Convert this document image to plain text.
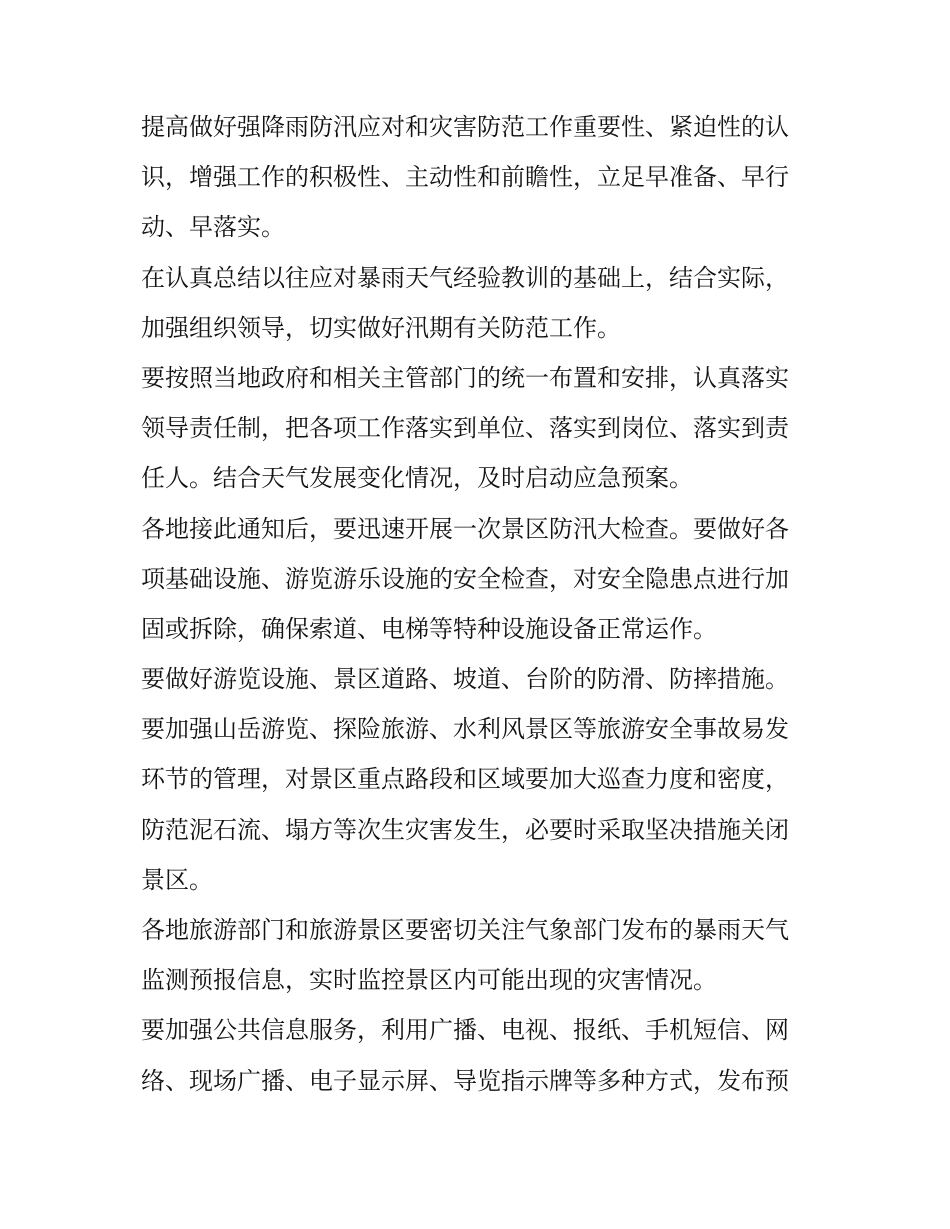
提高做好强降雨防汛应对和灾害防范工作重要性、紧迫性的认
识，增强工作的积极性、主动性和前瞻性，立足早准备、早行
动、早落实。
在认真总结以往应对暴雨天气经验教训的基础上，结合实际，
加强组织领导，切实做好汛期有关防范工作。
要按照当地政府和相关主管部门的统一布置和安排，认真落实
领导责任制，把各项工作落实到单位、落实到岗位、落实到责
任人。结合天气发展变化情况，及时启动应急预案。
各地接此通知后，要迅速开展一次景区防汛大检查。要做好各
项基础设施、游览游乐设施的安全检查，对安全隐患点进行加
固或拆除，确保索道、电梯等特种设施设备正常运作。
要做好游览设施、景区道路、坡道、台阶的防滑、防摔措施。
要加强山岳游览、探险旅游、水利风景区等旅游安全事故易发
环节的管理，对景区重点路段和区域要加大巡查力度和密度，
防范泥石流、塌方等次生灾害发生，必要时采取坚决措施关闭
景区。
各地旅游部门和旅游景区要密切关注气象部门发布的暴雨天气
监测预报信息，实时监控景区内可能出现的灾害情况。
要加强公共信息服务，利用广播、电视、报纸、手机短信、网
络、现场广播、电子显示屏、导览指示牌等多种方式，发布预
